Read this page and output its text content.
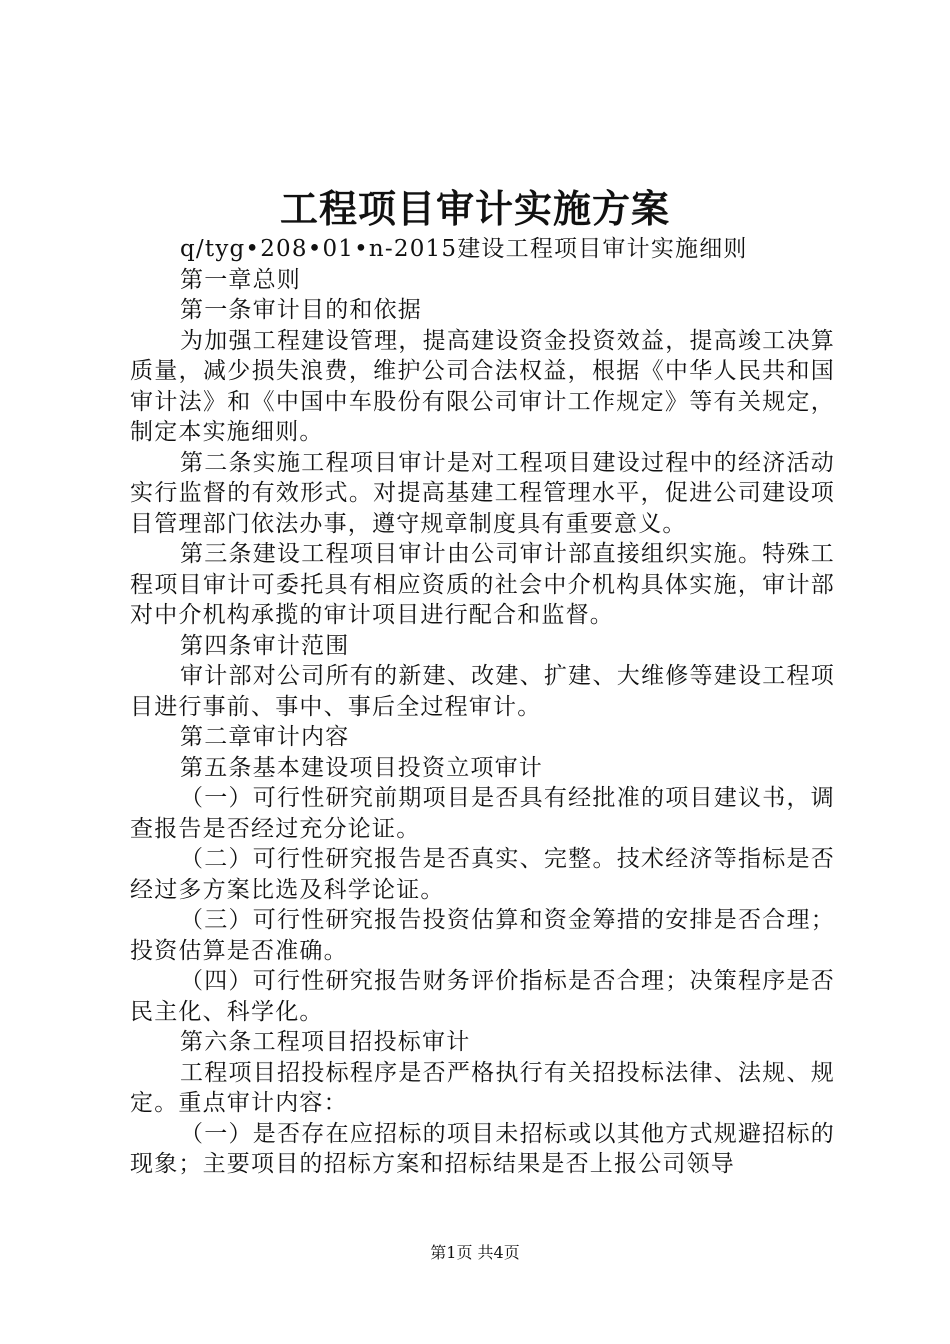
工程项目审计实施方案

q/tyg•208•01•n-2015建设工程项目审计实施细则

第一章总则

第一条审计目的和依据

为加强工程建设管理，提高建设资金投资效益，提高竣工决算质量，减少损失浪费，维护公司合法权益，根据《中华人民共和国审计法》和《中国中车股份有限公司审计工作规定》等有关规定，制定本实施细则。

第二条实施工程项目审计是对工程项目建设过程中的经济活动实行监督的有效形式。对提高基建工程管理水平，促进公司建设项目管理部门依法办事，遵守规章制度具有重要意义。

第三条建设工程项目审计由公司审计部直接组织实施。特殊工程项目审计可委托具有相应资质的社会中介机构具体实施，审计部对中介机构承揽的审计项目进行配合和监督。

第四条审计范围

审计部对公司所有的新建、改建、扩建、大维修等建设工程项目进行事前、事中、事后全过程审计。

第二章审计内容

第五条基本建设项目投资立项审计

（一）可行性研究前期项目是否具有经批准的项目建议书，调查报告是否经过充分论证。

（二）可行性研究报告是否真实、完整。技术经济等指标是否经过多方案比选及科学论证。

（三）可行性研究报告投资估算和资金筹措的安排是否合理；投资估算是否准确。

（四）可行性研究报告财务评价指标是否合理；决策程序是否民主化、科学化。

第六条工程项目招投标审计

工程项目招投标程序是否严格执行有关招投标法律、法规、规定。重点审计内容：

（一）是否存在应招标的项目未招标或以其他方式规避招标的现象；主要项目的招标方案和招标结果是否上报公司领导

第1页 共4页
